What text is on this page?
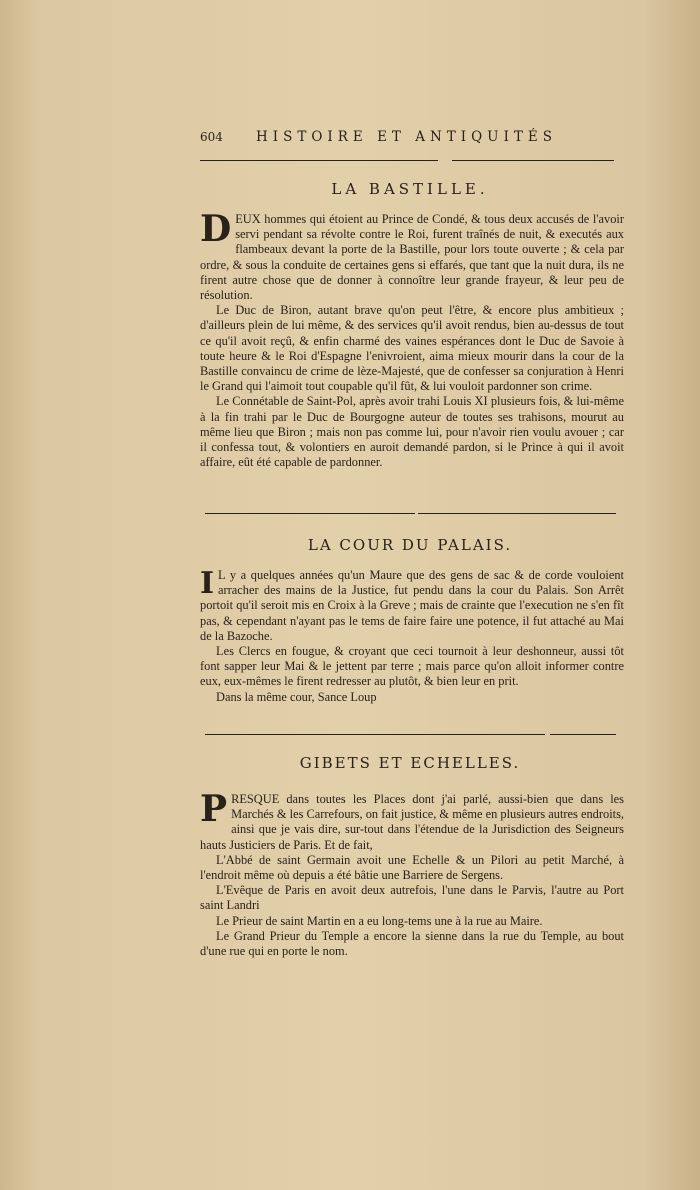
604 HISTOIRE ET ANTIQUITÉS
LA BASTILLE.

DEUX hommes qui étoient au Prince de Condé, & tous deux accusés de l'avoir servi pendant sa révolte contre le Roi, furent traînés de nuit, & executés aux flambeaux devant la porte de la Bastille, pour lors toute ouverte ; & cela par ordre, & sous la conduite de certaines gens si effarés, que tant que la nuit dura, ils ne firent autre chose que de donner à connoître leur grande frayeur, & leur peu de résolution.

Le Duc de Biron, autant brave qu'on peut l'être, & encore plus ambitieux ; d'ailleurs plein de lui même, & des services qu'il avoit rendus, bien au-dessus de tout ce qu'il avoit reçû, & enfin charmé des vaines espérances dont le Duc de Savoie à toute heure & le Roi d'Espagne l'enivroient, aima mieux mourir dans la cour de la Bastille convaincu de crime de lèze-Majesté, que de confesser sa conjuration à Henri le Grand qui l'aimoit tout coupable qu'il fût, & lui vouloit pardonner son crime.

Le Connétable de Saint-Pol, après avoir trahi Louis XI plusieurs fois, & lui-même à la fin trahi par le Duc de Bourgogne auteur de toutes ses trahisons, mourut au même lieu que Biron ; mais non pas comme lui, pour n'avoir rien voulu avouer ; car il confessa tout, & volontiers en auroit demandé pardon, si le Prince à qui il avoit affaire, eût été capable de pardonner.

LA COUR DU PALAIS.

I L y a quelques années qu'un Maure que des gens de sac & de corde vouloient arracher des mains de la Justice, fut pendu dans la cour du Palais. Son Arrêt portoit qu'il seroit mis en Croix à la Greve ; mais de crainte que l'execution ne s'en fît pas, & cependant n'ayant pas le tems de faire faire une potence, il fut attaché au Mai de la Bazoche.

Les Clercs en fougue, & croyant que ceci tournoit à leur deshonneur, aussi tôt font sapper leur Mai & le jettent par terre ; mais parce qu'on alloit informer contre eux, eux-mêmes le firent redresser au plutôt, & bien leur en prit.

Dans la même cour, Sance Loup

GIBETS ET ECHELLES.

PRESQUE dans toutes les Places dont j'ai parlé, aussi-bien que dans les Marchés & les Carrefours, on fait justice, & même en plusieurs autres endroits, ainsi que je vais dire, sur-tout dans l'étendue de la Jurisdiction des Seigneurs hauts Justiciers de Paris. Et de fait,

L'Abbé de saint Germain avoit une Echelle & un Pilori au petit Marché, à l'endroit même où depuis a été bâtie une Barriere de Sergens.

L'Evêque de Paris en avoit deux autrefois, l'une dans le Parvis, l'autre au Port saint Landri

Le Prieur de saint Martin en a eu long-tems une à la rue au Maire.

Le Grand Prieur du Temple a encore la sienne dans la rue du Temple, au bout d'une rue qui en porte le nom.
